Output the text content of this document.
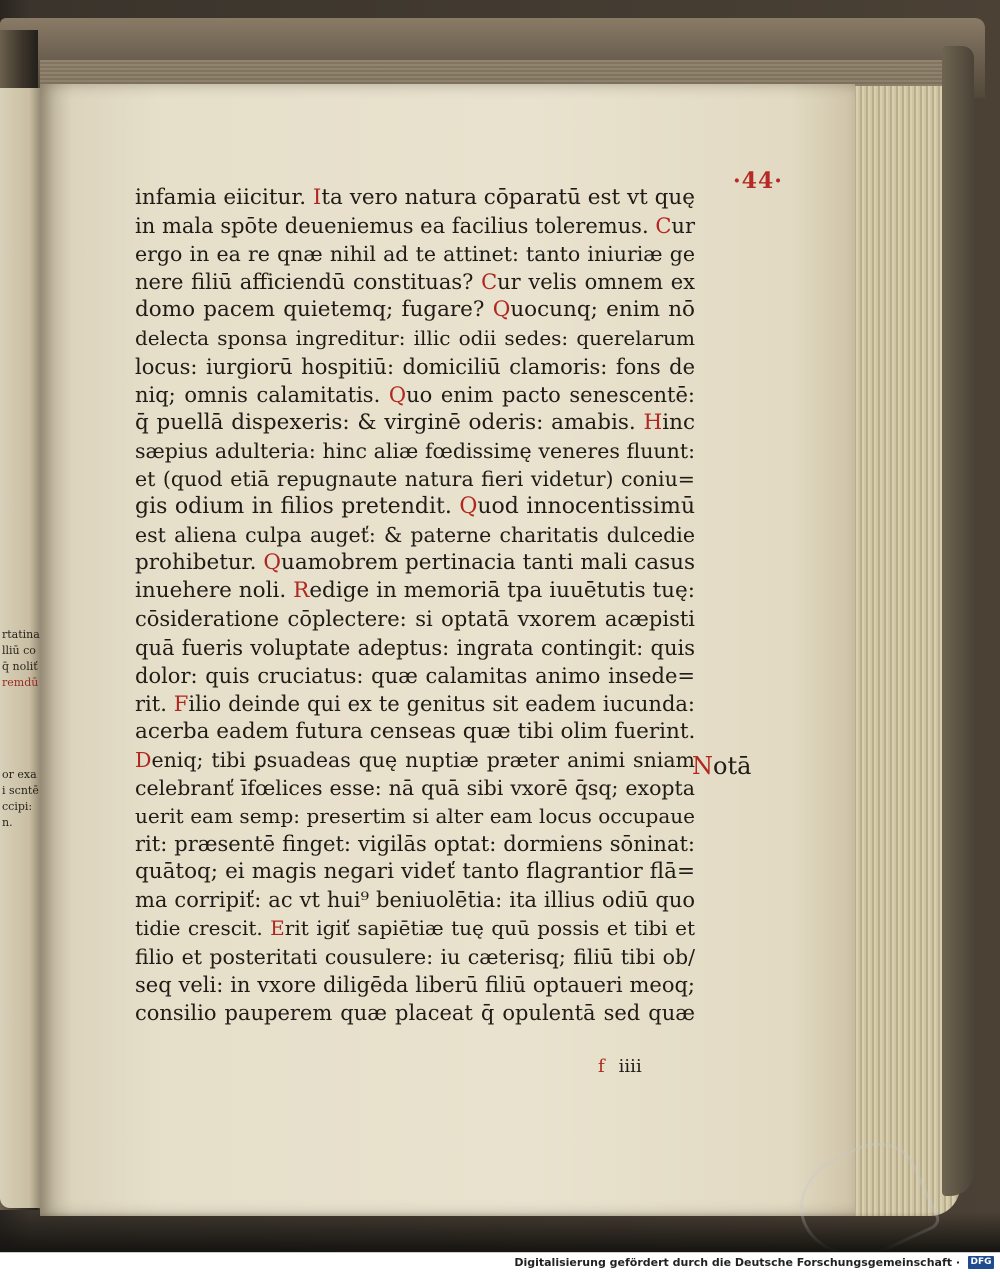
rtatina
lliū co
q̄ noliť
remdū
or exa
i scntē
ccipi:
n.
·44·
infamia eiicitur. Ita vero natura cōparatū est vt quę
in mala spōte deueniemus ea facilius toleremus. Cur
ergo in ea re qnæ nihil ad te attinet: tanto iniuriæ ge
nere filiū afficiendū constituas? Cur velis omnem ex
domo pacem quietemq; fugare? Quocunq; enim nō
delecta sponsa ingreditur: illic odii sedes: querelarum
locus: iurgiorū hospitiū: domiciliū clamoris: fons de
niq; omnis calamitatis. Quo enim pacto senescentē:
q̄ puellā dispexeris: & virginē oderis: amabis. Hinc
sæpius adulteria: hinc aliæ fœdissimę veneres fluunt:
et (quod etiā repugnaute natura fieri videtur) coniu=
gis odium in filios pretendit. Quod innocentissimū
est aliena culpa augeť: & paterne charitatis dulcedie
prohibetur. Quamobrem pertinacia tanti mali casus
inuehere noli. Redige in memoriā tpa iuuētutis tuę:
cōsideratione cōplectere: si optatā vxorem acæpisti
quā fueris voluptate adeptus: ingrata contingit: quis
dolor: quis cruciatus: quæ calamitas animo insede=
rit. Filio deinde qui ex te genitus sit eadem iucunda:
acerba eadem futura censeas quæ tibi olim fuerint.
Deniq; tibi ꝑsuadeas quę nuptiæ præter animi sniam
celebranť īfœlices esse: nā quā sibi vxorē q̄sq; exopta
uerit eam semp: presertim si alter eam locus occupaue
rit: præsentē finget: vigilās optat: dormiens sōninat:
quātoq; ei magis negari videť tanto flagrantior flā=
ma corripiť: ac vt hui⁹ beniuolētia: ita illius odiū quo
tidie crescit. Erit igiť sapiētiæ tuę quū possis et tibi et
filio et posteritati cousulere: iu cæterisq; filiū tibi ob/
seq veli: in vxore diligēda liberū filiū optaueri meoq;
consilio pauperem quæ placeat q̄ opulentā sed quæ
Notā
f iiii
Digitalisierung gefördert durch die Deutsche Forschungsgemeinschaft · DFG
